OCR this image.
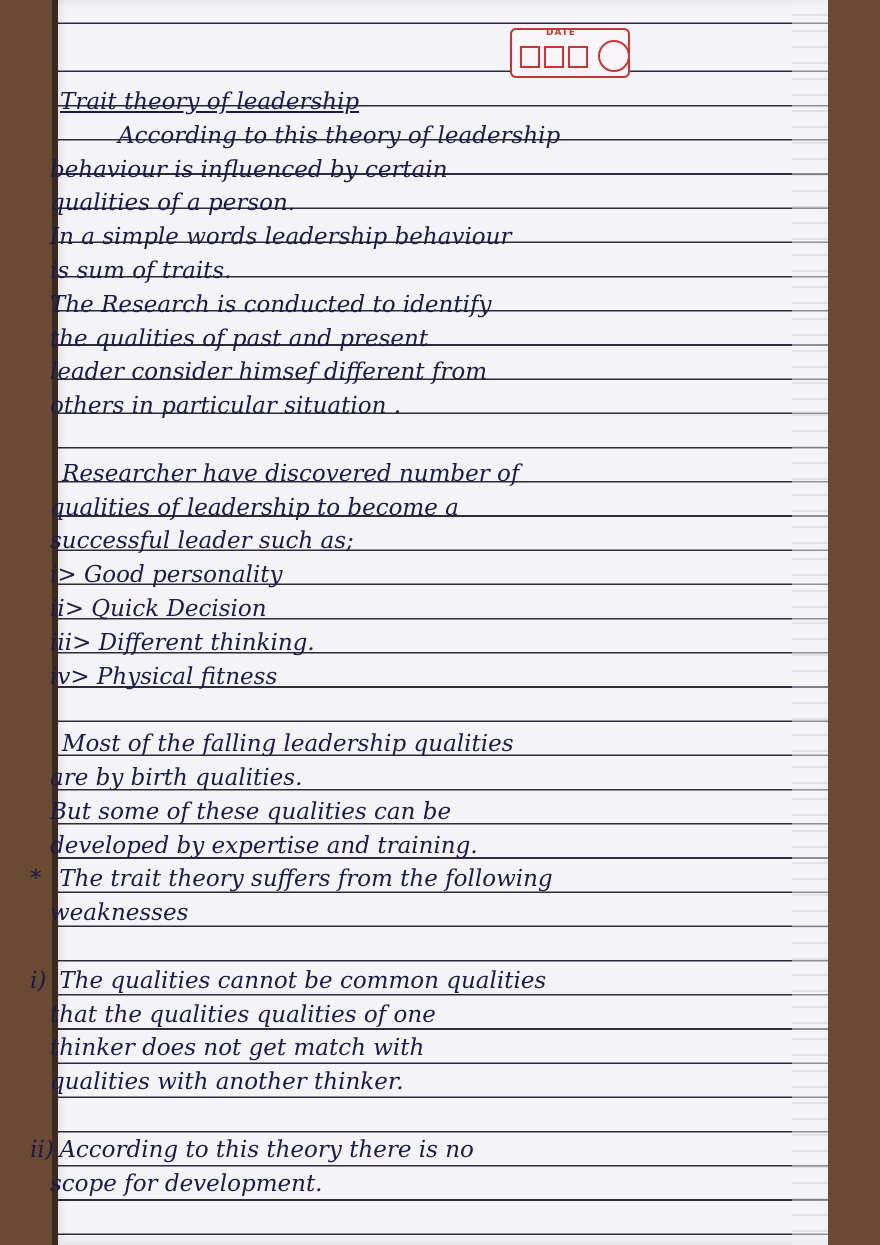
DATE
Trait theory of leadership
According to this theory of leadership
behaviour is influenced by certain
qualities of a person.
In a simple words leadership behaviour
is sum of traits.
The Research is conducted to identify
the qualities of past and present
leader consider himsef different from
others in particular situation .
Researcher have discovered number of
qualities of leadership to become a
successful leader such as;
i> Good personality
ii> Quick Decision
iii> Different thinking.
iv> Physical fitness
Most of the falling leadership qualities
are by birth qualities.
But some of these qualities can be
developed by expertise and training.
* The trait theory suffers from the following
weaknesses
i) The qualities cannot be common qualities
that the qualities qualities of one
thinker does not get match with
qualities with another thinker.
ii) According to this theory there is no
scope for development.
